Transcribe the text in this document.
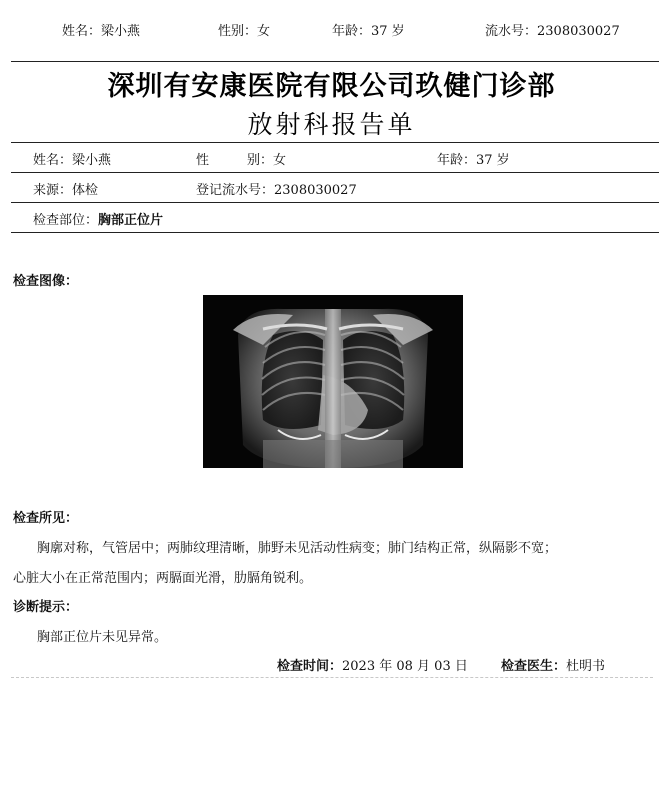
姓名：梁小燕	性别：女	年龄：37 岁	流水号：2308030027
深圳有安康医院有限公司玖健门诊部
放射科报告单
姓名：梁小燕	性	别：女	年龄：37 岁
来源：体检	登记流水号：2308030027
检查部位：胸部正位片
检查图像：
检查所见：
胸廓对称，气管居中；两肺纹理清晰，肺野未见活动性病变；肺门结构正常，纵隔影不宽；
心脏大小在正常范围内；两膈面光滑，肋膈角锐利。
诊断提示：
胸部正位片未见异常。
检查时间：2023 年 08 月 03 日	检查医生：杜明书
